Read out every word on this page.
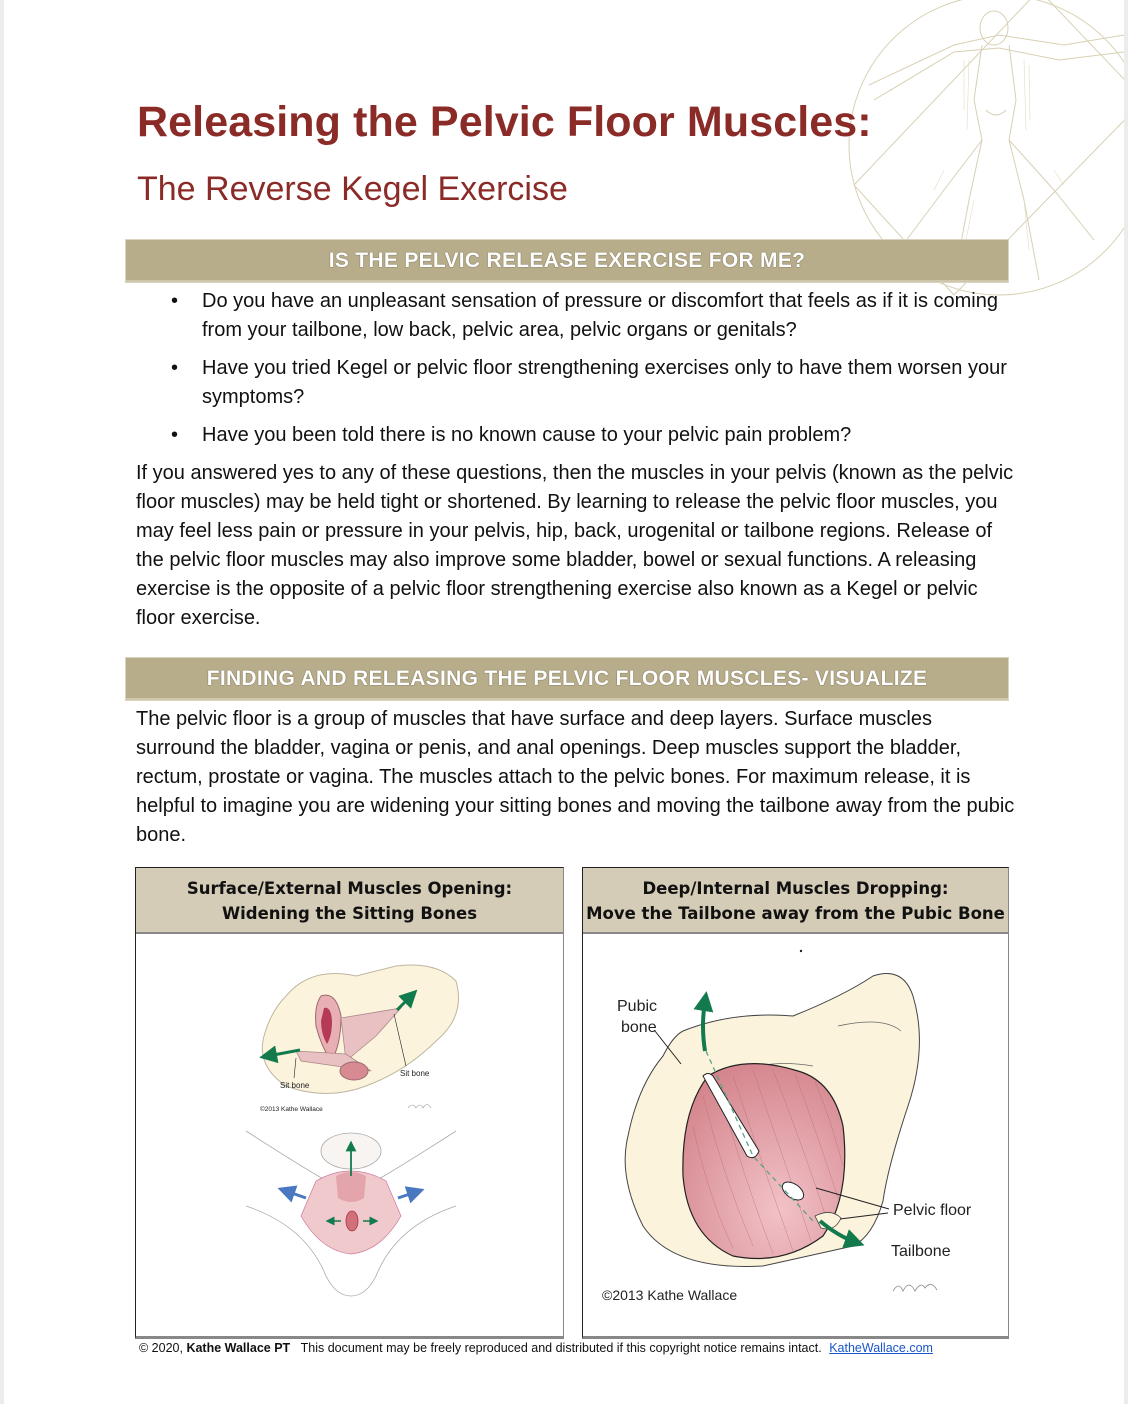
Releasing the Pelvic Floor Muscles:
The Reverse Kegel Exercise
IS THE PELVIC RELEASE EXERCISE FOR ME?
• Do you have an unpleasant sensation of pressure or discomfort that feels as if it is coming from your tailbone, low back, pelvic area, pelvic organs or genitals?
• Have you tried Kegel or pelvic floor strengthening exercises only to have them worsen your symptoms?
• Have you been told there is no known cause to your pelvic pain problem?

If you answered yes to any of these questions, then the muscles in your pelvis (known as the pelvic floor muscles) may be held tight or shortened. By learning to release the pelvic floor muscles, you may feel less pain or pressure in your pelvis, hip, back, urogenital or tailbone regions. Release of the pelvic floor muscles may also improve some bladder, bowel or sexual functions. A releasing exercise is the opposite of a pelvic floor strengthening exercise also known as a Kegel or pelvic floor exercise.

FINDING AND RELEASING THE PELVIC FLOOR MUSCLES- VISUALIZE

The pelvic floor is a group of muscles that have surface and deep layers. Surface muscles surround the bladder, vagina or penis, and anal openings. Deep muscles support the bladder, rectum, prostate or vagina. The muscles attach to the pelvic bones. For maximum release, it is helpful to imagine you are widening your sitting bones and moving the tailbone away from the pubic bone.

Surface/External Muscles Opening:
Widening the Sitting Bones
Sit bone
Sit bone
©2013 Kathe Wallace
Deep/Internal Muscles Dropping:
Move the Tailbone away from the Pubic Bone
Pubic
bone
Pelvic floor
Tailbone
©2013 Kathe Wallace
© 2020, Kathe Wallace PT This document may be freely reproduced and distributed if this copyright notice remains intact. KatheWallace.com
